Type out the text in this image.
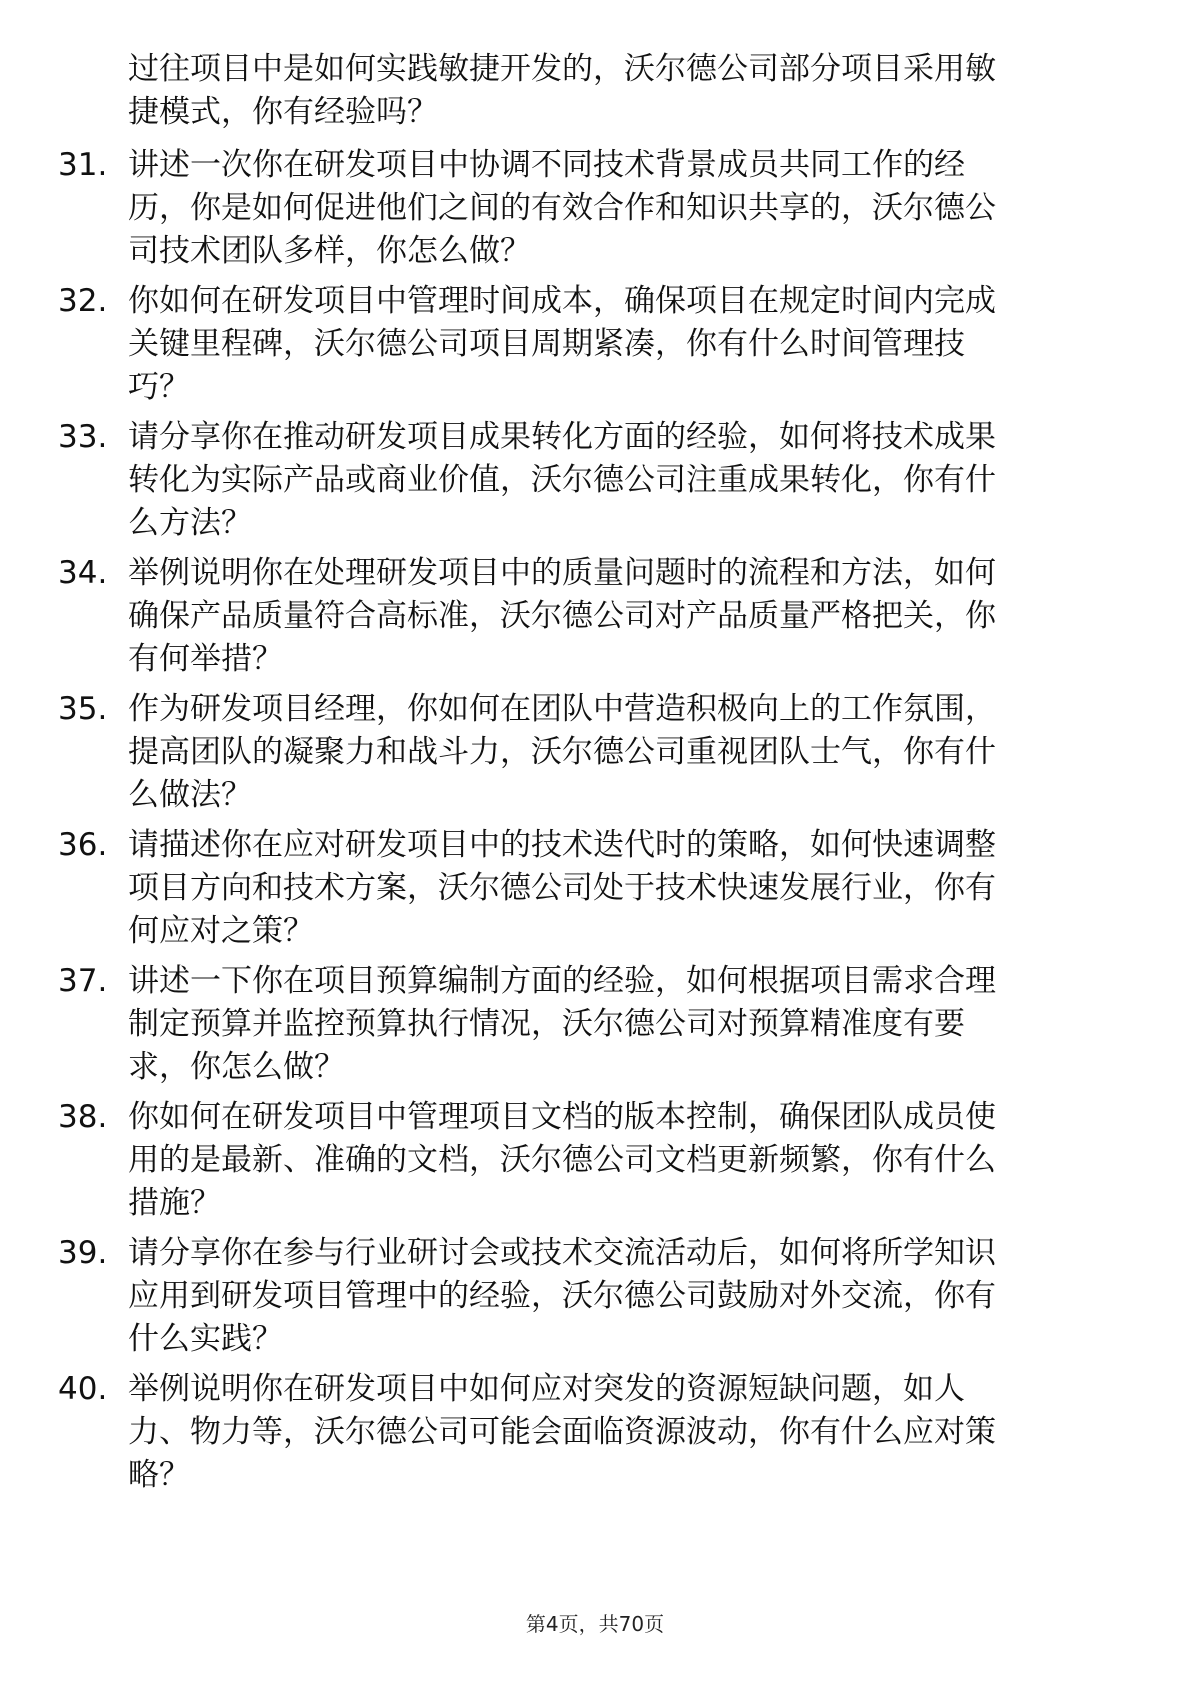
过往项目中是如何实践敏捷开发的，沃尔德公司部分项目采用敏
捷模式，你有经验吗？
31. 讲述一次你在研发项目中协调不同技术背景成员共同工作的经
历，你是如何促进他们之间的有效合作和知识共享的，沃尔德公
司技术团队多样，你怎么做？
32. 你如何在研发项目中管理时间成本，确保项目在规定时间内完成
关键里程碑，沃尔德公司项目周期紧凑，你有什么时间管理技
巧？
33. 请分享你在推动研发项目成果转化方面的经验，如何将技术成果
转化为实际产品或商业价值，沃尔德公司注重成果转化，你有什
么方法？
34. 举例说明你在处理研发项目中的质量问题时的流程和方法，如何
确保产品质量符合高标准，沃尔德公司对产品质量严格把关，你
有何举措？
35. 作为研发项目经理，你如何在团队中营造积极向上的工作氛围，
提高团队的凝聚力和战斗力，沃尔德公司重视团队士气，你有什
么做法？
36. 请描述你在应对研发项目中的技术迭代时的策略，如何快速调整
项目方向和技术方案，沃尔德公司处于技术快速发展行业，你有
何应对之策？
37. 讲述一下你在项目预算编制方面的经验，如何根据项目需求合理
制定预算并监控预算执行情况，沃尔德公司对预算精准度有要
求，你怎么做？
38. 你如何在研发项目中管理项目文档的版本控制，确保团队成员使
用的是最新、准确的文档，沃尔德公司文档更新频繁，你有什么
措施？
39. 请分享你在参与行业研讨会或技术交流活动后，如何将所学知识
应用到研发项目管理中的经验，沃尔德公司鼓励对外交流，你有
什么实践？
40. 举例说明你在研发项目中如何应对突发的资源短缺问题，如人
力、物力等，沃尔德公司可能会面临资源波动，你有什么应对策
略？
第4页，共70页
